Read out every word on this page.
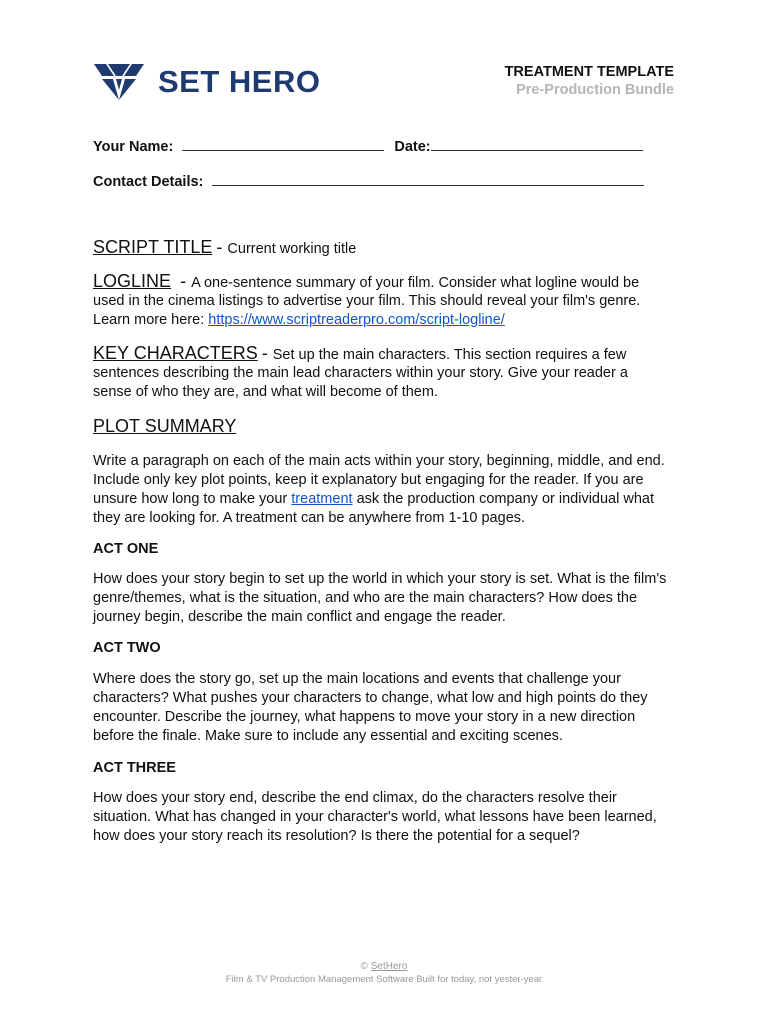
SET HERO	TREATMENT TEMPLATE
Pre-Production Bundle
Your Name:	Date:
Contact Details:
SCRIPT TITLE - Current working title
LOGLINE  - A one-sentence summary of your film. Consider what logline would be
used in the cinema listings to advertise your film. This should reveal your film's genre.
Learn more here: https://www.scriptreaderpro.com/script-logline/
KEY CHARACTERS - Set up the main characters. This section requires a few
sentences describing the main lead characters within your story. Give your reader a sense of who they are, and what will become of them.
PLOT SUMMARY
Write a paragraph on each of the main acts within your story, beginning, middle, and end. Include only key plot points, keep it explanatory but engaging for the reader. If you are unsure how long to make your treatment ask the production company or individual what they are looking for. A treatment can be anywhere from 1-10 pages.
ACT ONE
How does your story begin to set up the world in which your story is set. What is the film's genre/themes, what is the situation, and who are the main characters? How does the journey begin, describe the main conflict and engage the reader.
ACT TWO
Where does the story go, set up the main locations and events that challenge your characters? What pushes your characters to change, what low and high points do they encounter. Describe the journey, what happens to move your story in a new direction before the finale. Make sure to include any essential and exciting scenes.
ACT THREE
How does your story end, describe the end climax, do the characters resolve their situation. What has changed in your character's world, what lessons have been learned, how does your story reach its resolution? Is there the potential for a sequel?
© SetHero
Film & TV Production Management Software Built for today, not yester-year
